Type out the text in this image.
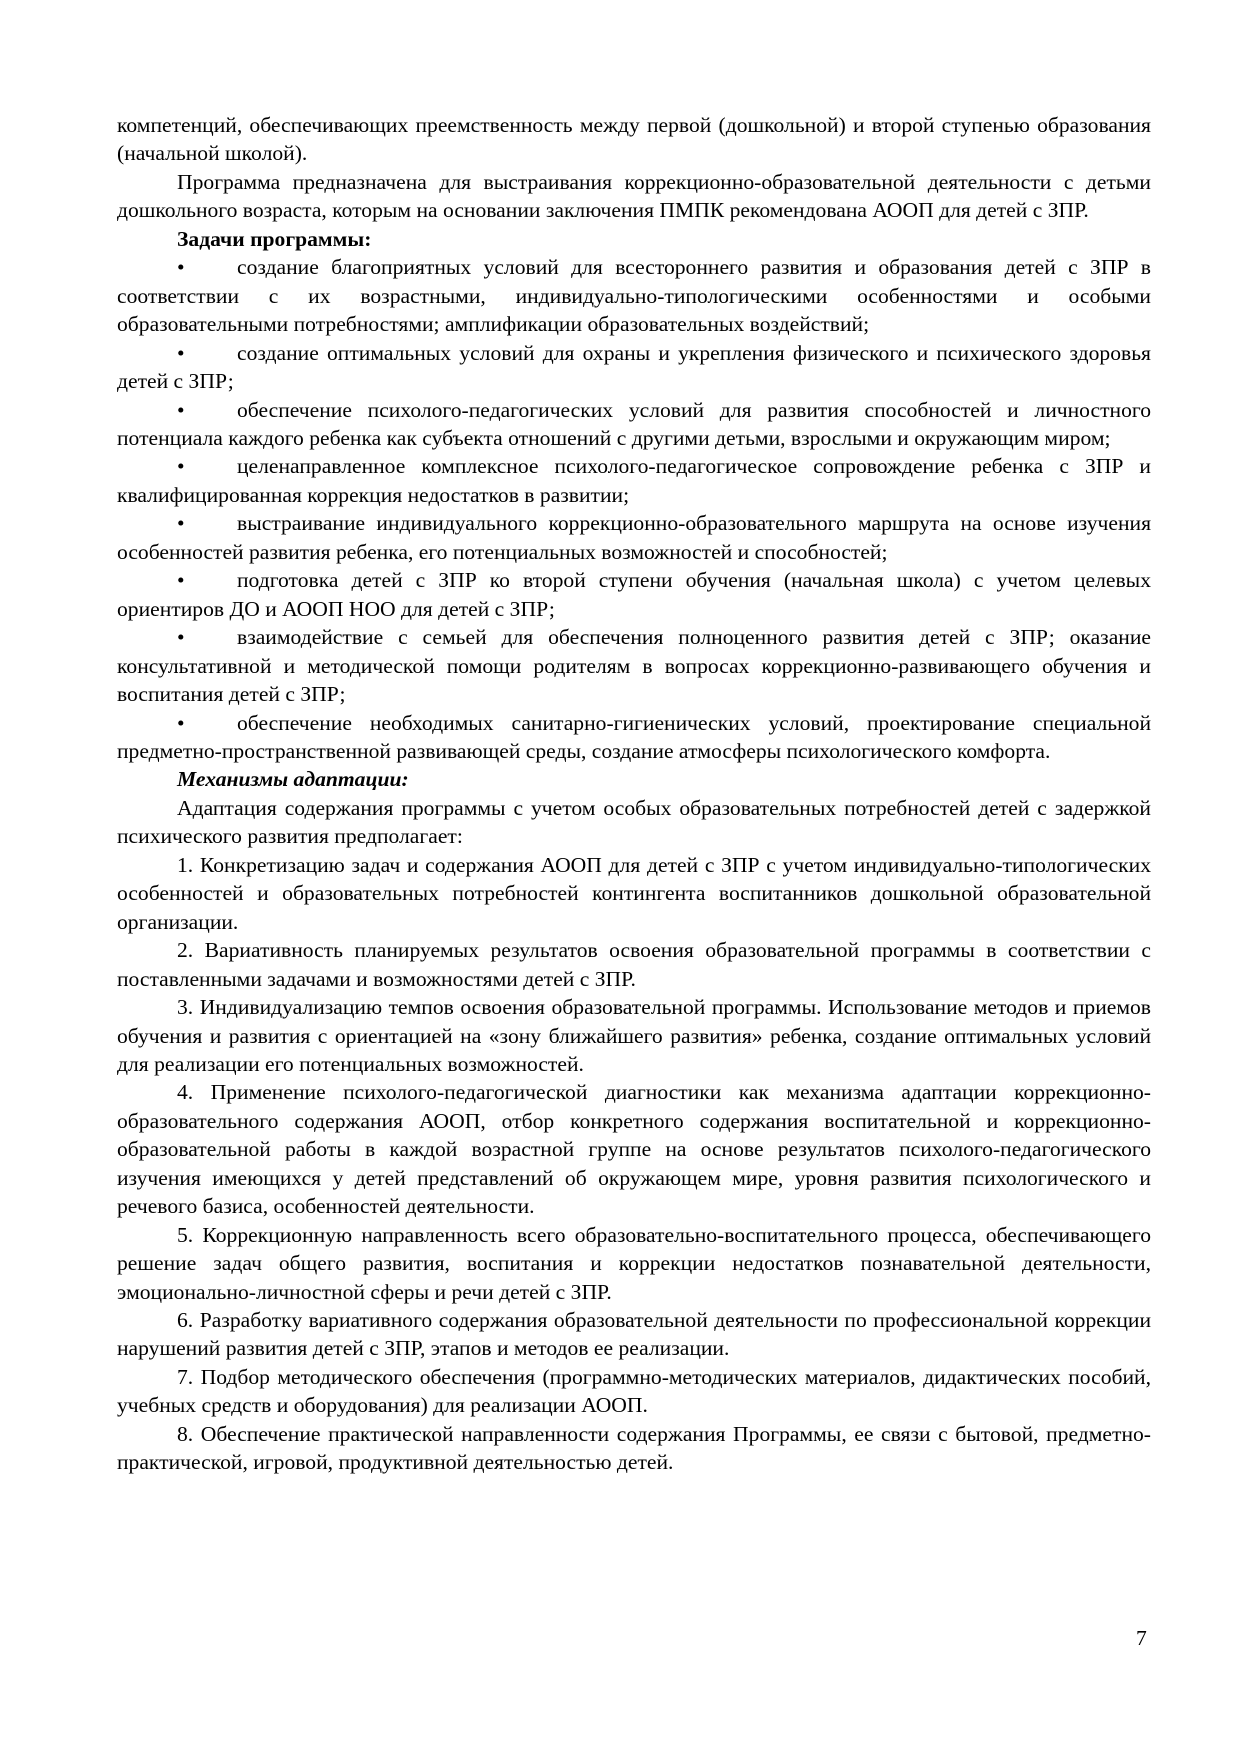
компетенций, обеспечивающих преемственность между первой (дошкольной) и второй ступенью образования (начальной школой).

Программа предназначена для выстраивания коррекционно-образовательной деятельности с детьми дошкольного возраста, которым на основании заключения ПМПК рекомендована АООП для детей с ЗПР.

Задачи программы:

• создание благоприятных условий для всестороннего развития и образования детей с ЗПР в соответствии с их возрастными, индивидуально-типологическими особенностями и особыми образовательными потребностями; амплификации образовательных воздействий;

• создание оптимальных условий для охраны и укрепления физического и психического здоровья детей с ЗПР;

• обеспечение психолого-педагогических условий для развития способностей и личностного потенциала каждого ребенка как субъекта отношений с другими детьми, взрослыми и окружающим миром;

• целенаправленное комплексное психолого-педагогическое сопровождение ребенка с ЗПР и квалифицированная коррекция недостатков в развитии;

• выстраивание индивидуального коррекционно-образовательного маршрута на основе изучения особенностей развития ребенка, его потенциальных возможностей и способностей;

• подготовка детей с ЗПР ко второй ступени обучения (начальная школа) с учетом целевых ориентиров ДО и АООП НОО для детей с ЗПР;

• взаимодействие с семьей для обеспечения полноценного развития детей с ЗПР; оказание консультативной и методической помощи родителям в вопросах коррекционно-развивающего обучения и воспитания детей с ЗПР;

• обеспечение необходимых санитарно-гигиенических условий, проектирование специальной предметно-пространственной развивающей среды, создание атмосферы психологического комфорта.

Механизмы адаптации:

Адаптация содержания программы с учетом особых образовательных потребностей детей с задержкой психического развития предполагает:

1. Конкретизацию задач и содержания АООП для детей с ЗПР с учетом индивидуально-типологических особенностей и образовательных потребностей контингента воспитанников дошкольной образовательной организации.

2. Вариативность планируемых результатов освоения образовательной программы в соответствии с поставленными задачами и возможностями детей с ЗПР.

3. Индивидуализацию темпов освоения образовательной программы. Использование методов и приемов обучения и развития с ориентацией на «зону ближайшего развития» ребенка, создание оптимальных условий для реализации его потенциальных возможностей.

4. Применение психолого-педагогической диагностики как механизма адаптации коррекционно-образовательного содержания АООП, отбор конкретного содержания воспитательной и коррекционно-образовательной работы в каждой возрастной группе на основе результатов психолого-педагогического изучения имеющихся у детей представлений об окружающем мире, уровня развития психологического и речевого базиса, особенностей деятельности.

5. Коррекционную направленность всего образовательно-воспитательного процесса, обеспечивающего решение задач общего развития, воспитания и коррекции недостатков познавательной деятельности, эмоционально-личностной сферы и речи детей с ЗПР.

6. Разработку вариативного содержания образовательной деятельности по профессиональной коррекции нарушений развития детей с ЗПР, этапов и методов ее реализации.

7. Подбор методического обеспечения (программно-методических материалов, дидактических пособий, учебных средств и оборудования) для реализации АООП.

8. Обеспечение практической направленности содержания Программы, ее связи с бытовой, предметно-практической, игровой, продуктивной деятельностью детей.

7
